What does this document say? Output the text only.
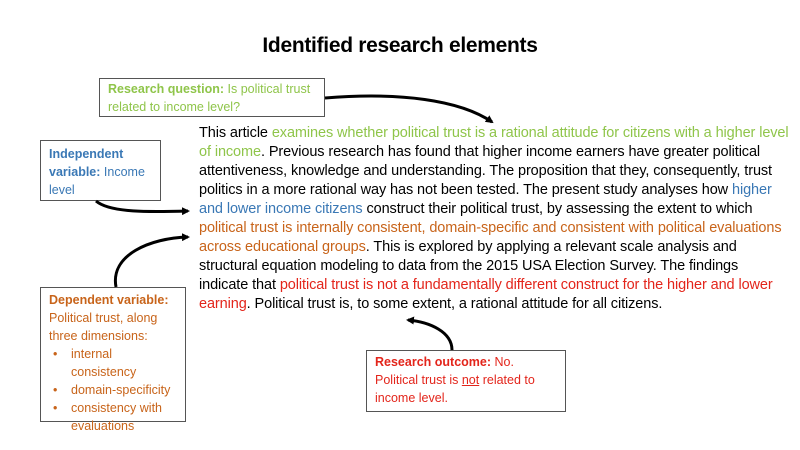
Identified research elements
Research question: Is political trust related to income level?
Independent variable: Income level
Dependent variable:
Political trust, along three dimensions:
• internal consistency
• domain-specificity
• consistency with evaluations
Research outcome: No. Political trust is not related to income level.
This article examines whether political trust is a rational attitude for citizens with a higher level of income. Previous research has found that higher income earners have greater political attentiveness, knowledge and understanding. The proposition that they, consequently, trust politics in a more rational way has not been tested. The present study analyses how higher and lower income citizens construct their political trust, by assessing the extent to which political trust is internally consistent, domain-specific and consistent with political evaluations across educational groups. This is explored by applying a relevant scale analysis and structural equation modeling to data from the 2015 USA Election Survey. The findings indicate that political trust is not a fundamentally different construct for the higher and lower earning. Political trust is, to some extent, a rational attitude for all citizens.
